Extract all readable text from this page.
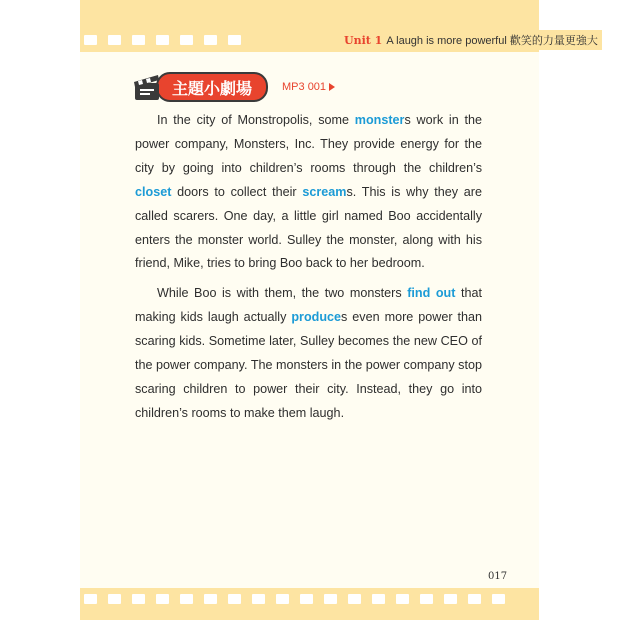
Unit 1 A laugh is more powerful 歡笑的力量更強大
主題小劇場	MP3 001

In the city of Monstropolis, some monsters work in the power company, Monsters, Inc. They provide energy for the city by going into children’s rooms through the children’s closet doors to collect their screams. This is why they are called scarers. One day, a little girl named Boo accidentally enters the monster world. Sulley the monster, along with his friend, Mike, tries to bring Boo back to her bedroom.

While Boo is with them, the two monsters find out that making kids laugh actually produces even more power than scaring kids. Sometime later, Sulley becomes the new CEO of the power company. The monsters in the power company stop scaring children to power their city. Instead, they go into children’s rooms to make them laugh.

017
